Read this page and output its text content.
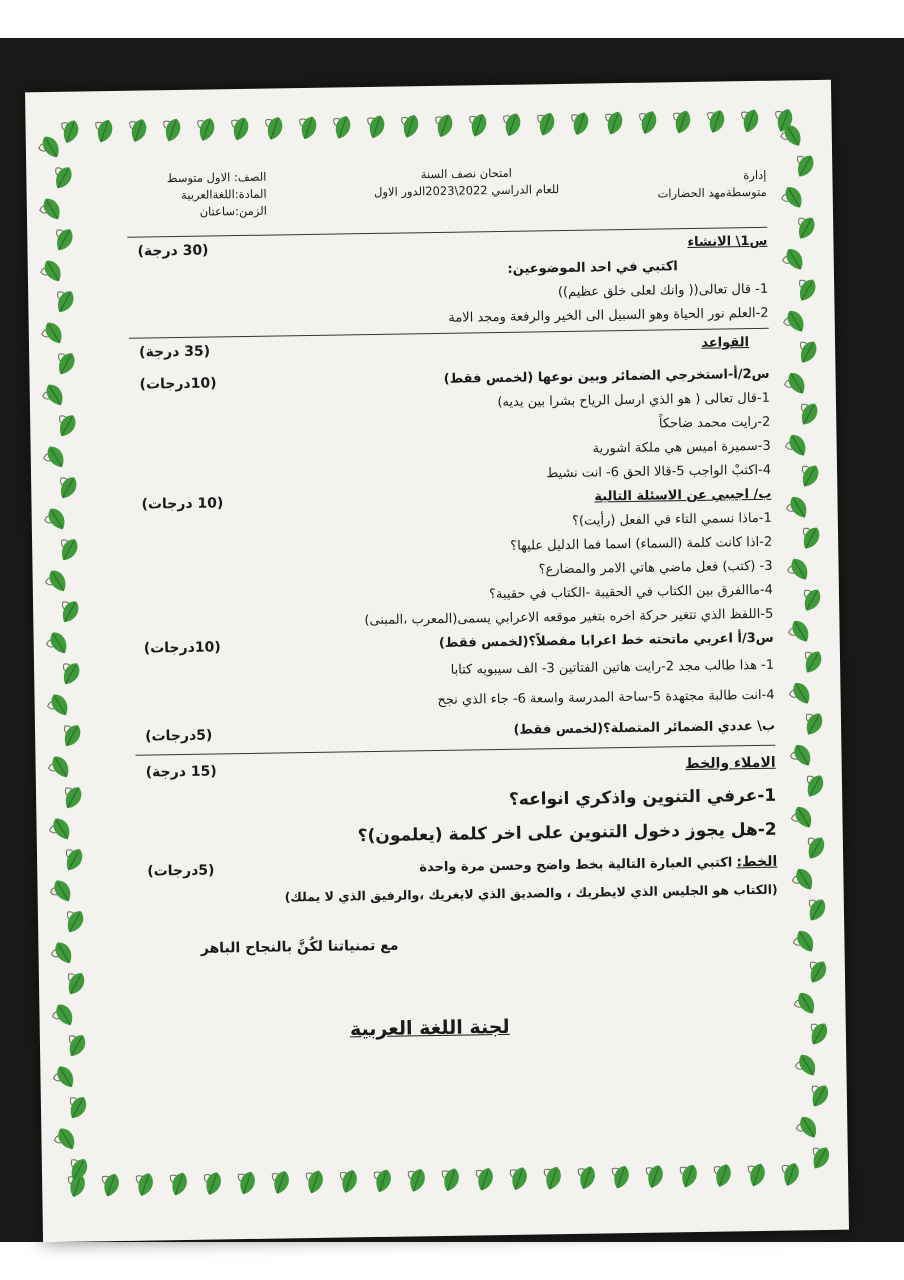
إدارة
متوسطةمهد الحضارات
امتحان نصف السنة
للعام الدراسي 2022\2023الدور الاول
الصف: الاول متوسط
المادة:اللغةالعربية
الزمن:ساعتان
س1\ الانشاء
(30 درجة)
اكتبي في احد الموضوعين:
1- قال تعالى(( وانك لعلى خلق عظيم))
2-العلم نور الحياة وهو السبيل الى الخير والرفعة ومجد الامة
القواعد
(35 درجة)
س2/أ-استخرجي الضمائر وبين نوعها (لخمس فقط)
(10درجات)
1-قال تعالى ( هو الذي ارسل الرياح بشرا بين يديه)
2-رايت محمد ضاحكاً
3-سميرة اميس هي ملكة اشورية
4-اكتبْ الواجب 5-قالا الحق 6- انت نشيط
ب/ اجيبي عن الاسئلة التالية
(10 درجات)
1-ماذا نسمي التاء في الفعل (رأيت)؟
2-اذا كانت كلمة (السماء) اسما فما الدليل عليها؟
3- (كتب) فعل ماضي هاتي الامر والمضارع؟
4-ماالفرق بين الكتاب في الحقيبة -الكتاب في حقيبة؟
5-اللفظ الذي تتغير حركة اخره بتغير موقعه الاعرابي يسمى(المعرب ،المبنى)
س3/أ اعربي ماتحته خط اعرابا مفصلاً؟(لخمس فقط)
(10درجات)
1- هذا طالب مجد 2-رايت هاتين الفتاتين 3- الف سيبويه كتابا
4-انت طالبة مجتهدة 5-ساحة المدرسة واسعة 6- جاء الذي نجح
ب\ عددي الضمائر المتصلة؟(لخمس فقط)
(5درجات)
الاملاء والخط
(15 درجة)
1-عرفي التنوين واذكري انواعه؟
2-هل يجوز دخول التنوين على اخر كلمة (يعلمون)؟
الخط: اكتبي العبارة التالية بخط واضح وحسن مرة واحدة
(5درجات)
(الكتاب هو الجليس الذي لايطريك ، والصديق الذي لايغريك ،والرفيق الذي لا يملك)
مع تمنياتنا لكُنَّ بالنجاح الباهر
لجنة اللغة العربية
